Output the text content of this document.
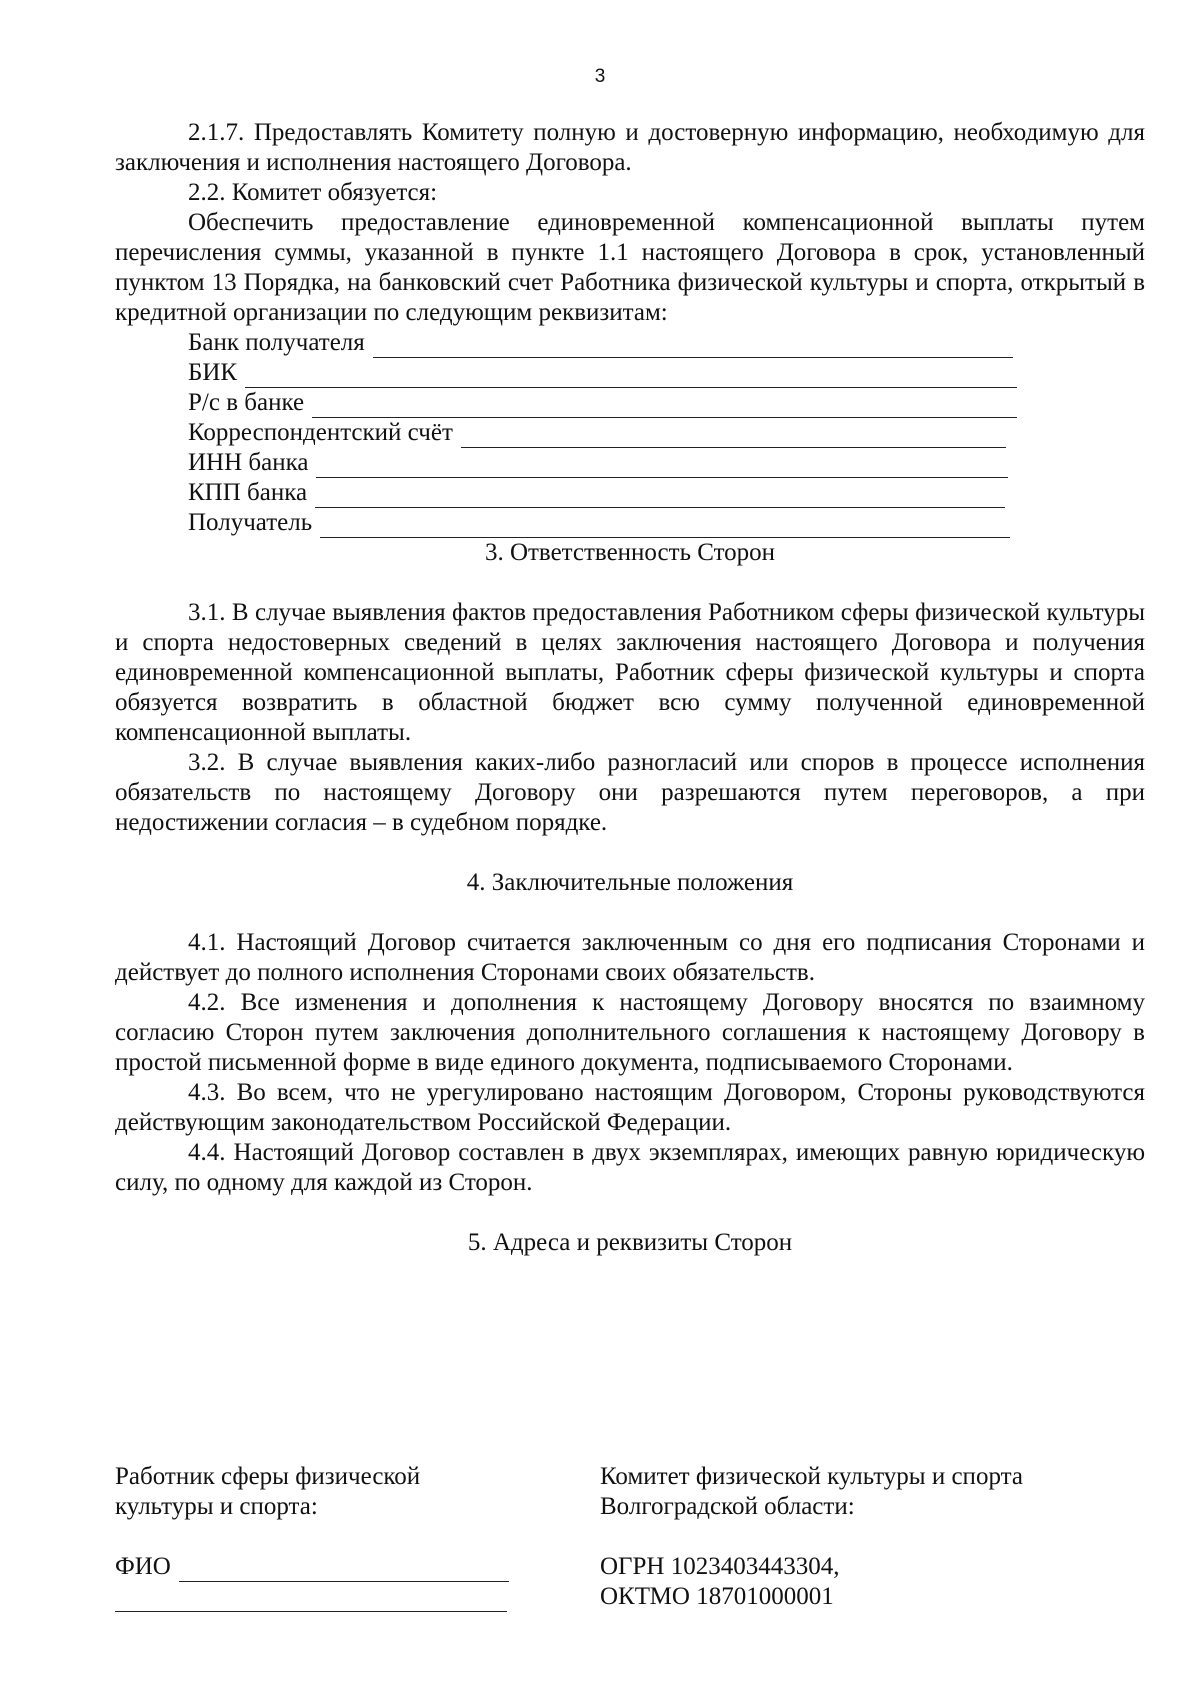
3

2.1.7. Предоставлять Комитету полную и достоверную информацию, необходимую для заключения и исполнения настоящего Договора.

2.2. Комитет обязуется:

Обеспечить предоставление единовременной компенсационной выплаты путем перечисления суммы, указанной в пункте 1.1 настоящего Договора в срок, установленный пунктом 13 Порядка, на банковский счет Работника физической культуры и спорта, открытый в кредитной организации по следующим реквизитам:

Банк получателя
БИК
Р/с в банке
Корреспондентский счёт
ИНН банка
КПП банка
Получатель

3. Ответственность Сторон

3.1. В случае выявления фактов предоставления Работником сферы физической культуры и спорта недостоверных сведений в целях заключения настоящего Договора и получения единовременной компенсационной выплаты, Работник сферы физической культуры и спорта обязуется возвратить в областной бюджет всю сумму полученной единовременной компенсационной выплаты.

3.2. В случае выявления каких-либо разногласий или споров в процессе исполнения обязательств по настоящему Договору они разрешаются путем переговоров, а при недостижении согласия – в судебном порядке.

4. Заключительные положения

4.1. Настоящий Договор считается заключенным со дня его подписания Сторонами и действует до полного исполнения Сторонами своих обязательств.

4.2. Все изменения и дополнения к настоящему Договору вносятся по взаимному согласию Сторон путем заключения дополнительного соглашения к настоящему Договору в простой письменной форме в виде единого документа, подписываемого Сторонами.

4.3. Во всем, что не урегулировано настоящим Договором, Стороны руководствуются действующим законодательством Российской Федерации.

4.4. Настоящий Договор составлен в двух экземплярах, имеющих равную юридическую силу, по одному для каждой из Сторон.

5. Адреса и реквизиты Сторон

Работник сферы физической
культуры и спорта:
ФИО
Комитет физической культуры и спорта
Волгоградской области:
ОГРН 1023403443304,
ОКТМО 18701000001
